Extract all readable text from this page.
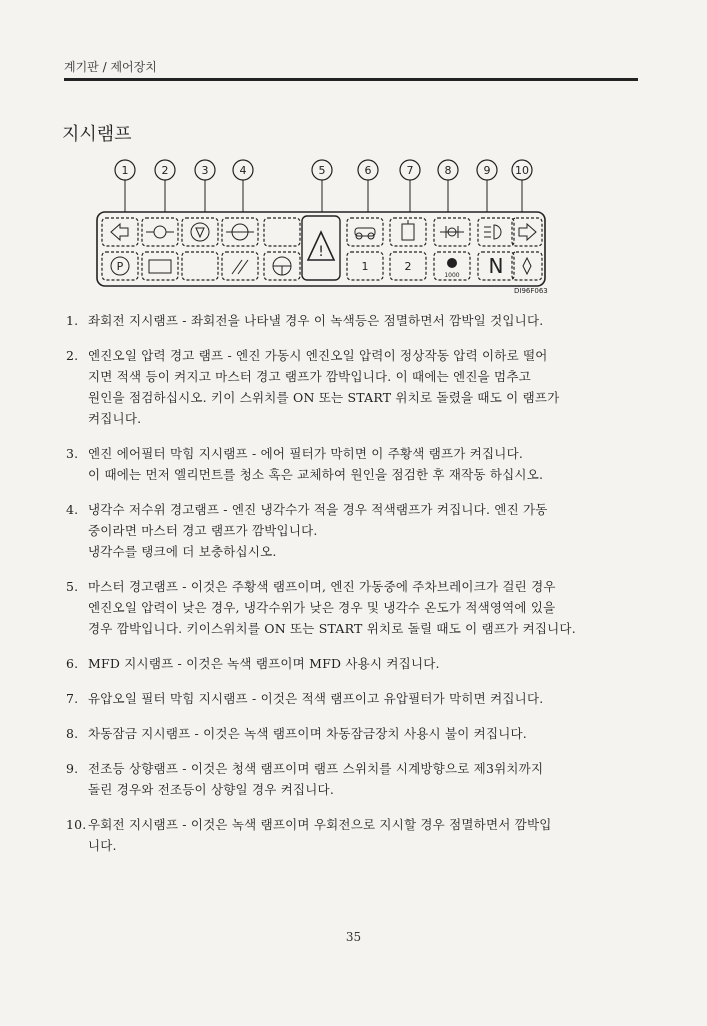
계기판 / 제어장치
지시램프
1	2	3	4	5	6	7	8	9 10
P	1	2
1000 N
!
DI96F063
1. 좌회전 지시램프 - 좌회전을 나타낼 경우 이 녹색등은 점멸하면서 깜박일 것입니다.
2. 엔진오일 압력 경고 램프 - 엔진 가동시 엔진오일 압력이 정상작동 압력 이하로 떨어
지면 적색 등이 켜지고 마스터 경고 램프가 깜박입니다. 이 때에는 엔진을 멈추고
원인을 점검하십시오. 키이 스위치를 ON 또는 START 위치로 돌렸을 때도 이 램프가
켜집니다.
3. 엔진 에어필터 막힘 지시램프 - 에어 필터가 막히면 이 주황색 램프가 켜집니다.
이 때에는 먼저 엘리먼트를 청소 혹은 교체하여 원인을 점검한 후 재작동 하십시오.
4. 냉각수 저수위 경고램프 - 엔진 냉각수가 적을 경우 적색램프가 켜집니다. 엔진 가동
중이라면 마스터 경고 램프가 깜박입니다.
냉각수를 탱크에 더 보충하십시오.
5. 마스터 경고램프 - 이것은 주황색 램프이며, 엔진 가동중에 주차브레이크가 걸린 경우
엔진오일 압력이 낮은 경우, 냉각수위가 낮은 경우 및 냉각수 온도가 적색영역에 있을
경우 깜박입니다. 키이스위치를 ON 또는 START 위치로 돌릴 때도 이 램프가 켜집니다.
6. MFD 지시램프 - 이것은 녹색 램프이며 MFD 사용시 켜집니다.
7. 유압오일 필터 막힘 지시램프 - 이것은 적색 램프이고 유압필터가 막히면 켜집니다.
8. 차동잠금 지시램프 - 이것은 녹색 램프이며 차동잠금장치 사용시 불이 켜집니다.
9. 전조등 상향램프 - 이것은 청색 램프이며 램프 스위치를 시계방향으로 제3위치까지
돌린 경우와 전조등이 상향일 경우 켜집니다.
10. 우회전 지시램프 - 이것은 녹색 램프이며 우회전으로 지시할 경우 점멸하면서 깜박입
니다.
35
